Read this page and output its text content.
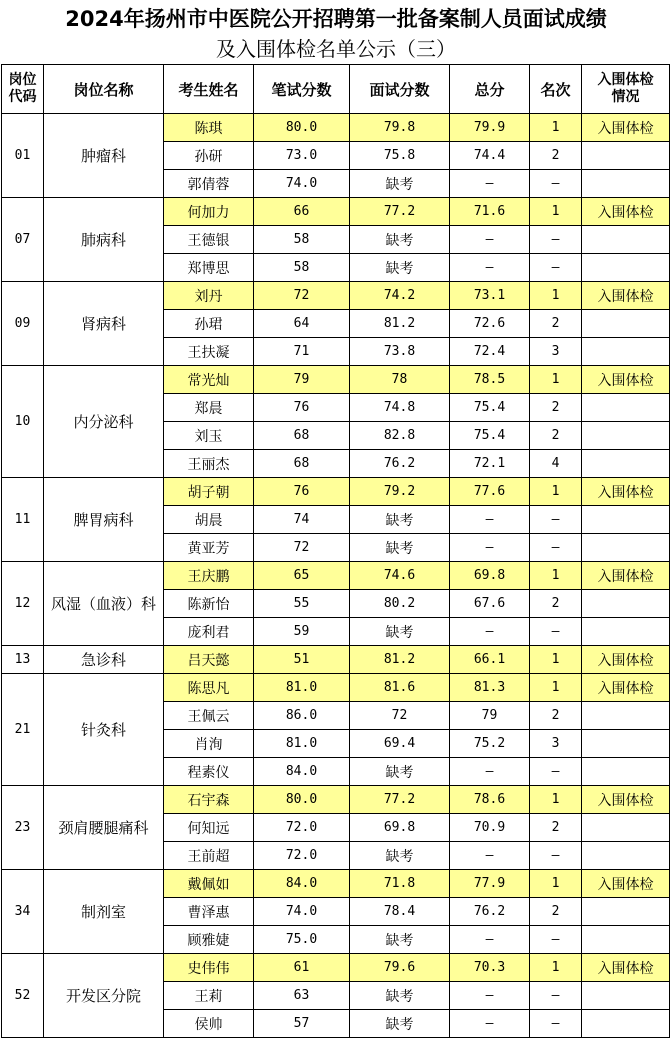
2024年扬州市中医院公开招聘第一批备案制人员面试成绩
及入围体检名单公示（三）
岗位
代码	岗位名称	考生姓名	笔试分数	面试分数	总分	名次	入围体检
情况
01	肿瘤科	陈琪	80.0	79.8	79.9	1	入围体检
		孙研	73.0	75.8	74.4	2	
		郭倩蓉	74.0	缺考	—	—	
07	肺病科	何加力	66	77.2	71.6	1	入围体检
		王德银	58	缺考	—	—	
		郑博思	58	缺考	—	—	
09	肾病科	刘丹	72	74.2	73.1	1	入围体检
		孙珺	64	81.2	72.6	2	
		王扶凝	71	73.8	72.4	3	
10	内分泌科	常光灿	79	78	78.5	1	入围体检
		郑晨	76	74.8	75.4	2	
		刘玉	68	82.8	75.4	2	
		王丽杰	68	76.2	72.1	4	
11	脾胃病科	胡子朝	76	79.2	77.6	1	入围体检
		胡晨	74	缺考	—	—	
		黄亚芳	72	缺考	—	—	
12	风湿（血液）科	王庆鹏	65	74.6	69.8	1	入围体检
		陈新怡	55	80.2	67.6	2	
		庞利君	59	缺考	—	—	
13	急诊科	吕天懿	51	81.2	66.1	1	入围体检
21	针灸科	陈思凡	81.0	81.6	81.3	1	入围体检
		王佩云	86.0	72	79	2	
		肖洵	81.0	69.4	75.2	3	
		程素仪	84.0	缺考	—	—	
23	颈肩腰腿痛科	石宇森	80.0	77.2	78.6	1	入围体检
		何知远	72.0	69.8	70.9	2	
		王前超	72.0	缺考	—	—	
34	制剂室	戴佩如	84.0	71.8	77.9	1	入围体检
		曹泽惠	74.0	78.4	76.2	2	
		顾雅婕	75.0	缺考	—	—	
52	开发区分院	史伟伟	61	79.6	70.3	1	入围体检
		王莉	63	缺考	—	—	
		侯帅	57	缺考	—	—	
